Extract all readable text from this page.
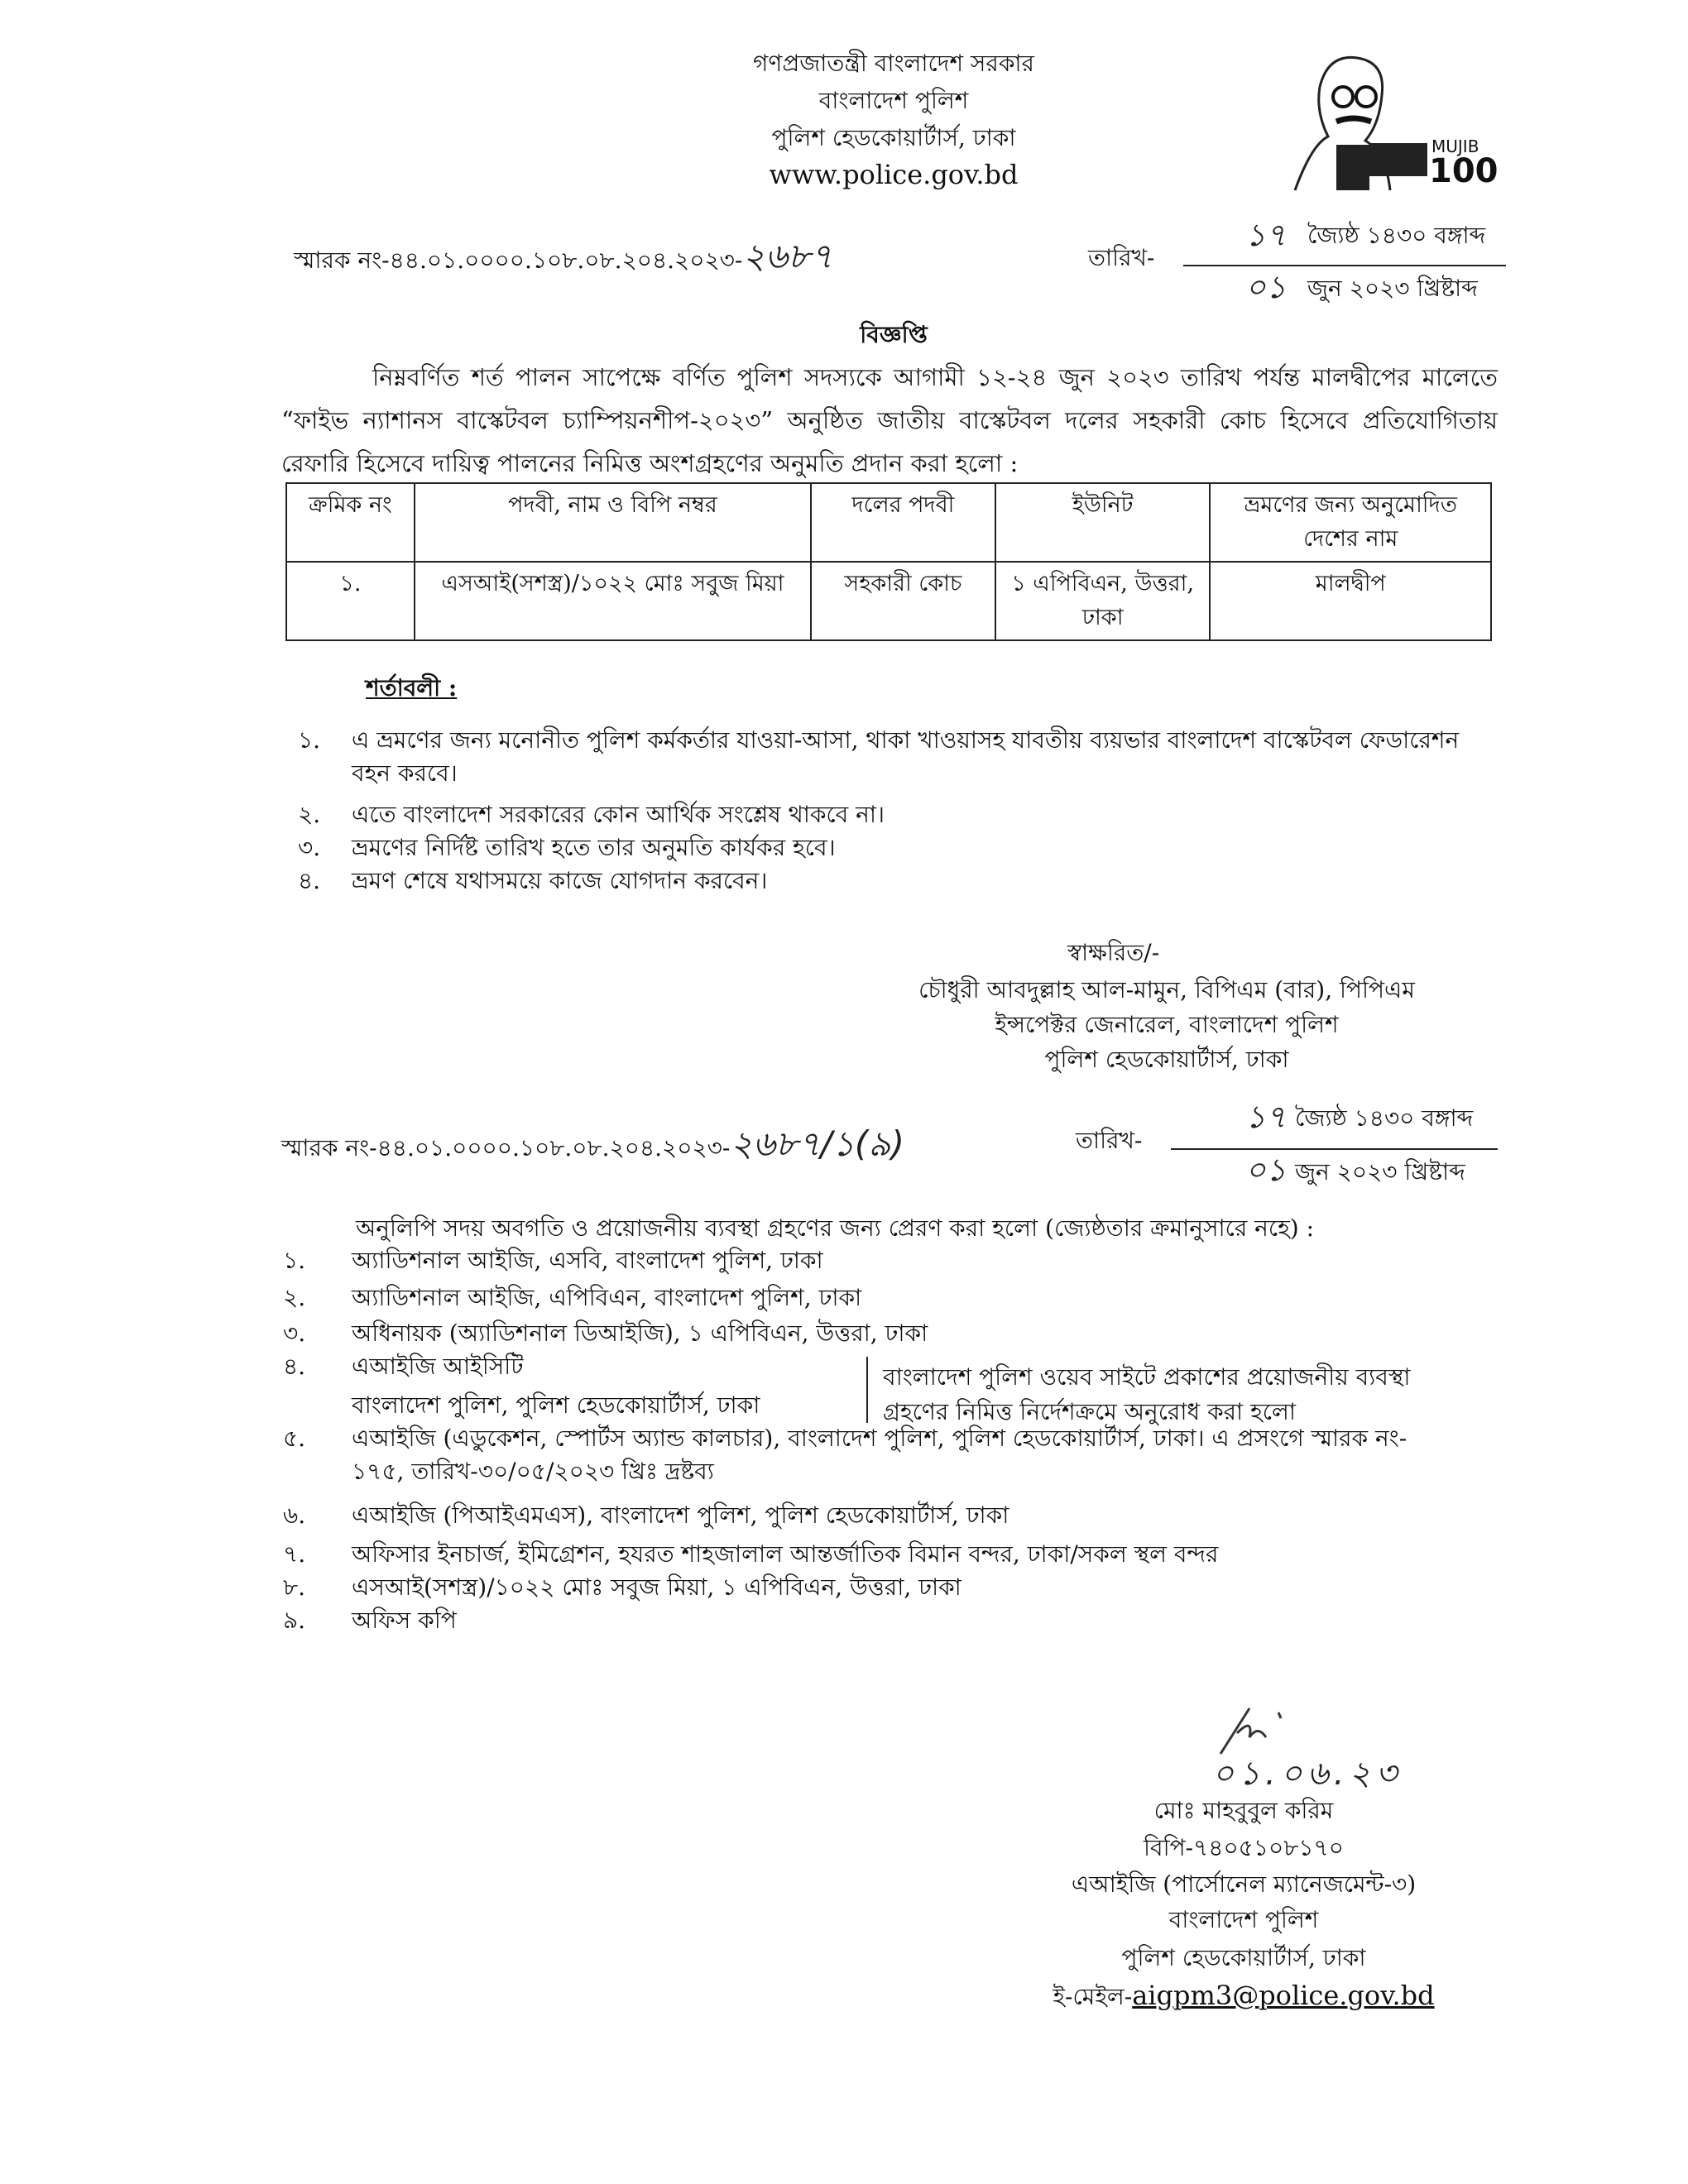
গণপ্রজাতন্ত্রী বাংলাদেশ সরকার
বাংলাদেশ পুলিশ
পুলিশ হেডকোয়ার্টার্স, ঢাকা
www.police.gov.bd
MUJIB
100
স্মারক নং-৪৪.০১.০০০০.১০৮.০৮.২০৪.২০২৩-২৬৮৭	তারিখ-
১৭ জ্যৈষ্ঠ ১৪৩০ বঙ্গাব্দ
০১ জুন ২০২৩ খ্রিষ্টাব্দ
বিজ্ঞপ্তি
নিম্নবর্ণিত শর্ত পালন সাপেক্ষে বর্ণিত পুলিশ সদস্যকে আগামী ১২-২৪ জুন ২০২৩ তারিখ পর্যন্ত মালদ্বীপের মালেতে “ফাইভ ন্যাশানস বাস্কেটবল চ্যাম্পিয়নশীপ-২০২৩” অনুষ্ঠিত জাতীয় বাস্কেটবল দলের সহকারী কোচ হিসেবে প্রতিযোগিতায় রেফারি হিসেবে দায়িত্ব পালনের নিমিত্ত অংশগ্রহণের অনুমতি প্রদান করা হলো :
ক্রমিক নং	পদবী, নাম ও বিপি নম্বর	দলের পদবী	ইউনিট	ভ্রমণের জন্য অনুমোদিত দেশের নাম
১.	এসআই(সশস্ত্র)/১০২২ মোঃ সবুজ মিয়া	সহকারী কোচ	১ এপিবিএন, উত্তরা, ঢাকা	মালদ্বীপ
শর্তাবলী :
১. এ ভ্রমণের জন্য মনোনীত পুলিশ কর্মকর্তার যাওয়া-আসা, থাকা খাওয়াসহ যাবতীয় ব্যয়ভার বাংলাদেশ বাস্কেটবল ফেডারেশন
বহন করবে।
২. এতে বাংলাদেশ সরকারের কোন আর্থিক সংশ্লেষ থাকবে না।
৩. ভ্রমণের নির্দিষ্ট তারিখ হতে তার অনুমতি কার্যকর হবে।
৪. ভ্রমণ শেষে যথাসময়ে কাজে যোগদান করবেন।
স্বাক্ষরিত/-
চৌধুরী আবদুল্লাহ আল-মামুন, বিপিএম (বার), পিপিএম
ইন্সপেক্টর জেনারেল, বাংলাদেশ পুলিশ
পুলিশ হেডকোয়ার্টার্স, ঢাকা
স্মারক নং-৪৪.০১.০০০০.১০৮.০৮.২০৪.২০২৩-২৬৮৭/১(৯)	তারিখ-
১৭ জ্যৈষ্ঠ ১৪৩০ বঙ্গাব্দ
০১ জুন ২০২৩ খ্রিষ্টাব্দ
অনুলিপি সদয় অবগতি ও প্রয়োজনীয় ব্যবস্থা গ্রহণের জন্য প্রেরণ করা হলো (জ্যেষ্ঠতার ক্রমানুসারে নহে) :
১. অ্যাডিশনাল আইজি, এসবি, বাংলাদেশ পুলিশ, ঢাকা
২. অ্যাডিশনাল আইজি, এপিবিএন, বাংলাদেশ পুলিশ, ঢাকা
৩. অধিনায়ক (অ্যাডিশনাল ডিআইজি), ১ এপিবিএন, উত্তরা, ঢাকা
৪. এআইজি আইসিটি
বাংলাদেশ পুলিশ, পুলিশ হেডকোয়ার্টার্স, ঢাকা
বাংলাদেশ পুলিশ ওয়েব সাইটে প্রকাশের প্রয়োজনীয় ব্যবস্থা
গ্রহণের নিমিত্ত নির্দেশক্রমে অনুরোধ করা হলো
৫. এআইজি (এডুকেশন, স্পোর্টস অ্যান্ড কালচার), বাংলাদেশ পুলিশ, পুলিশ হেডকোয়ার্টার্স, ঢাকা। এ প্রসংগে স্মারক নং-
১৭৫, তারিখ-৩০/০৫/২০২৩ খ্রিঃ দ্রষ্টব্য
৬. এআইজি (পিআইএমএস), বাংলাদেশ পুলিশ, পুলিশ হেডকোয়ার্টার্স, ঢাকা
৭. অফিসার ইনচার্জ, ইমিগ্রেশন, হযরত শাহজালাল আন্তর্জাতিক বিমান বন্দর, ঢাকা/সকল স্থল বন্দর
৮. এসআই(সশস্ত্র)/১০২২ মোঃ সবুজ মিয়া, ১ এপিবিএন, উত্তরা, ঢাকা
৯. অফিস কপি
০১.০৬.২৩
মোঃ মাহবুবুল করিম
বিপি-৭৪০৫১০৮১৭০
এআইজি (পার্সোনেল ম্যানেজমেন্ট-৩)
বাংলাদেশ পুলিশ
পুলিশ হেডকোয়ার্টার্স, ঢাকা
ই-মেইল-aigpm3@police.gov.bd
